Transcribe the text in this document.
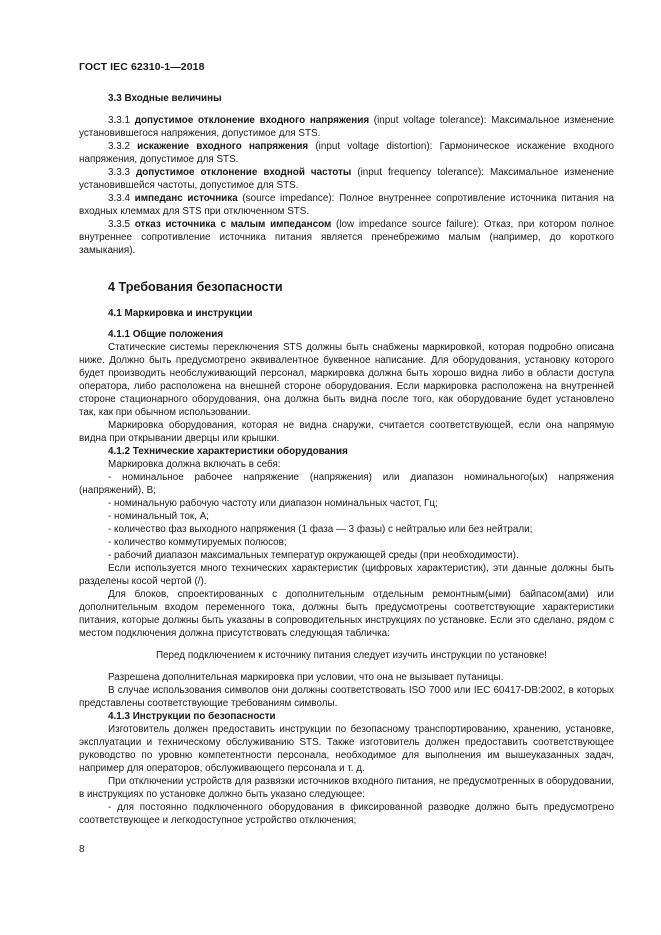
ГОСТ IEC 62310-1—2018

3.3 Входные величины

3.3.1 допустимое отклонение входного напряжения (input voltage tolerance): Максимальное изменение установившегося напряжения, допустимое для STS.

3.3.2 искажение входного напряжения (input voltage distortion): Гармоническое искажение входного напряжения, допустимое для STS.

3.3.3 допустимое отклонение входной частоты (input frequency tolerance): Максимальное изменение установившейся частоты, допустимое для STS.

3.3.4 импеданс источника (source impedance): Полное внутреннее сопротивление источника питания на входных клеммах для STS при отключенном STS.

3.3.5 отказ источника с малым импедансом (low impedance source failure): Отказ, при котором полное внутреннее сопротивление источника питания является пренебрежимо малым (например, до короткого замыкания).

4 Требования безопасности

4.1 Маркировка и инструкции

4.1.1 Общие положения

Статические системы переключения STS должны быть снабжены маркировкой, которая подробно описана ниже. Должно быть предусмотрено эквивалентное буквенное написание. Для оборудования, установку которого будет производить необслуживающий персонал, маркировка должна быть хорошо видна либо в области доступа оператора, либо расположена на внешней стороне оборудования. Если маркировка расположена на внутренней стороне стационарного оборудования, она должна быть видна после того, как оборудование будет установлено так, как при обычном использовании.

Маркировка оборудования, которая не видна снаружи, считается соответствующей, если она напрямую видна при открывании дверцы или крышки.

4.1.2 Технические характеристики оборудования

Маркировка должна включать в себя:

- номинальное рабочее напряжение (напряжения) или диапазон номинального(ых) напряжения (напряжений), В;

- номинальную рабочую частоту или диапазон номинальных частот, Гц;

- номинальный ток, А;

- количество фаз выходного напряжения (1 фаза — 3 фазы) с нейтралью или без нейтрали;

- количество коммутируемых полюсов;

- рабочий диапазон максимальных температур окружающей среды (при необходимости).

Если используется много технических характеристик (цифровых характеристик), эти данные должны быть разделены косой чертой (/).

Для блоков, спроектированных с дополнительным отдельным ремонтным(ыми) байпасом(ами) или дополнительным входом переменного тока, должны быть предусмотрены соответствующие характеристики питания, которые должны быть указаны в сопроводительных инструкциях по установке. Если это сделано, рядом с местом подключения должна присутствовать следующая табличка:

Перед подключением к источнику питания следует изучить инструкции по установке!

Разрешена дополнительная маркировка при условии, что она не вызывает путаницы.

В случае использования символов они должны соответствовать ISO 7000 или IEC 60417-DB:2002, в которых представлены соответствующие требованиям символы.

4.1.3 Инструкции по безопасности

Изготовитель должен предоставить инструкции по безопасному транспортированию, хранению, установке, эксплуатации и техническому обслуживанию STS. Также изготовитель должен предоставить соответствующее руководство по уровню компетентности персонала, необходимое для выполнения им вышеуказанных задач, например для операторов, обслуживающего персонала и т. д.

При отключении устройств для развязки источников входного питания, не предусмотренных в оборудовании, в инструкциях по установке должно быть указано следующее:

- для постоянно подключенного оборудования в фиксированной разводке должно быть предусмотрено соответствующее и легкодоступное устройство отключения;

8
